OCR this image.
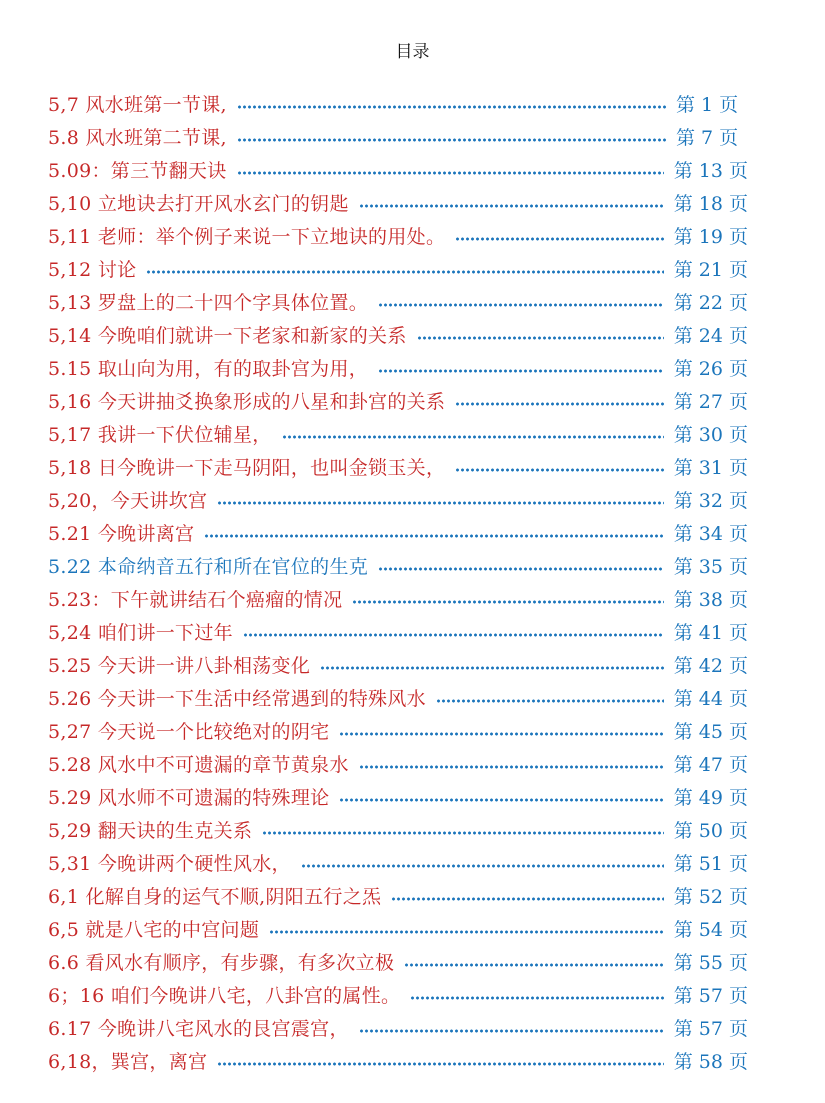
目录
5,7 风水班第一节课,	第 1 页
5.8 风水班第二节课,	第 7 页
5.09：第三节翻天诀	第 13 页
5,10 立地诀去打开风水玄门的钥匙	第 18 页
5,11 老师：举个例子来说一下立地诀的用处。	第 19 页
5,12 讨论	第 21 页
5,13 罗盘上的二十四个字具体位置。	第 22 页
5,14 今晚咱们就讲一下老家和新家的关系	第 24 页
5.15 取山向为用，有的取卦宫为用，	第 26 页
5,16 今天讲抽爻换象形成的八星和卦宫的关系	第 27 页
5,17 我讲一下伏位辅星，	第 30 页
5,18 日今晚讲一下走马阴阳，也叫金锁玉关，	第 31 页
5,20，今天讲坎宫	第 32 页
5.21 今晚讲离宫	第 34 页
5.22 本命纳音五行和所在官位的生克	第 35 页
5.23：下午就讲结石个癌瘤的情况	第 38 页
5,24 咱们讲一下过年	第 41 页
5.25 今天讲一讲八卦相荡变化	第 42 页
5.26 今天讲一下生活中经常遇到的特殊风水	第 44 页
5,27 今天说一个比较绝对的阴宅	第 45 页
5.28 风水中不可遗漏的章节黄泉水	第 47 页
5.29 风水师不可遗漏的特殊理论	第 49 页
5,29 翻天诀的生克关系	第 50 页
5,31 今晚讲两个硬性风水，	第 51 页
6,1 化解自身的运气不顺,阴阳五行之炁	第 52 页
6,5 就是八宅的中宫问题	第 54 页
6.6 看风水有顺序，有步骤，有多次立极	第 55 页
6；16 咱们今晚讲八宅，八卦宫的属性。	第 57 页
6.17 今晚讲八宅风水的艮宫震宫，	第 57 页
6,18，巽宫，离宫	第 58 页
